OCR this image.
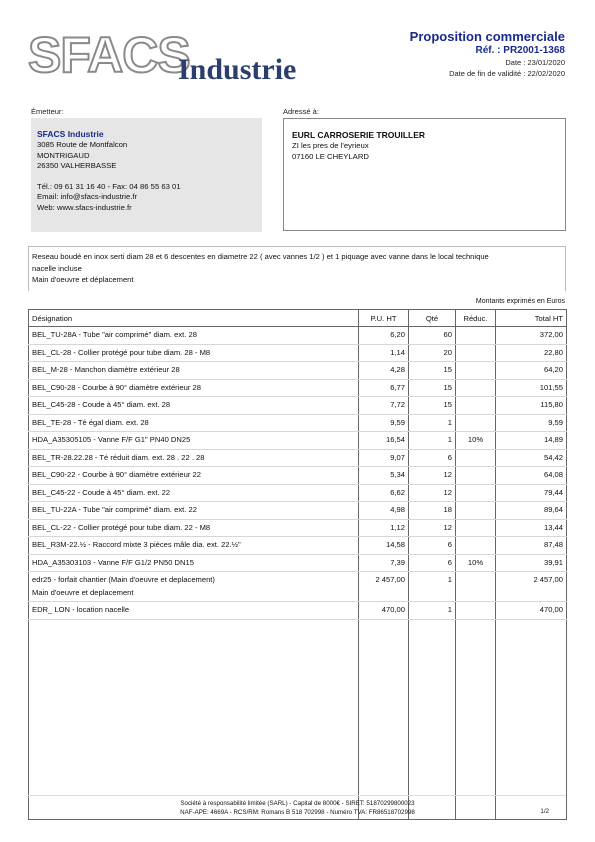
SFACS
Industrie
Proposition commerciale
Réf. : PR2001-1368
Date : 23/01/2020
Date de fin de validité : 22/02/2020
Émetteur:	Adressé à:
SFACS Industrie
3085 Route de Montfalcon
MONTRIGAUD
26350 VALHERBASSE
Tél.: 09 61 31 16 40 - Fax: 04 86 55 63 01
Email: info@sfacs-industrie.fr
Web: www.sfacs-industrie.fr
EURL CARROSERIE TROUILLER
ZI les pres de l'eyrieux
07160 LE CHEYLARD
Reseau boudé en inox serti diam 28 et 6 descentes en diametre 22 ( avec vannes 1/2 ) et 1 piquage avec vanne dans le local technique
nacelle incluse
Main d'oeuvre et déplacement
Montants exprimés en Euros
Désignation	P.U. HT	Qté	Réduc.	Total HT

BEL_TU-28A - Tube "air comprimé" diam. ext. 28	6,20	60		372,00

BEL_CL-28 - Collier protégé pour tube diam. 28 - M8	1,14	20		22,80

BEL_M-28 - Manchon diamètre extérieur 28	4,28	15		64,20

BEL_C90-28 - Courbe à 90° diamètre extérieur 28	6,77	15		101,55

BEL_C45-28 - Coude à 45° diam. ext. 28	7,72	15		115,80

BEL_TE-28 - Té égal diam. ext. 28	9,59	1		9,59

HDA_A35305105 - Vanne F/F G1" PN40 DN25	16,54	1	10%	14,89

BEL_TR-28.22.28 - Té réduit diam. ext. 28 . 22 . 28	9,07	6		54,42

BEL_C90-22 - Courbe à 90° diamètre extérieur 22	5,34	12		64,08

BEL_C45-22 - Coude à 45° diam. ext. 22	6,62	12		79,44

BEL_TU-22A - Tube "air comprimé" diam. ext. 22	4,98	18		89,64

BEL_CL-22 - Collier protégé pour tube diam. 22 - M8	1,12	12		13,44

BEL_R3M-22.½ - Raccord mixte 3 pièces mâle dia. ext. 22.½"	14,58	6		87,48

HDA_A35303103 - Vanne F/F G1/2 PN50 DN15	7,39	6	10%	39,91

edr25 - forfait chantier (Main d'oeuvre et deplacement)
Main d'oeuvre et deplacement	2 457,00	1		2 457,00

EDR_ LON - location nacelle	470,00	1		470,00

Société à responsabilité limitée (SARL) - Capital de 8000€ - SIRET: 51870299800023
NAF-APE: 4669A - RCS/RM: Romans B 518 702998 - Numéro TVA: FR86518702998	1/2
